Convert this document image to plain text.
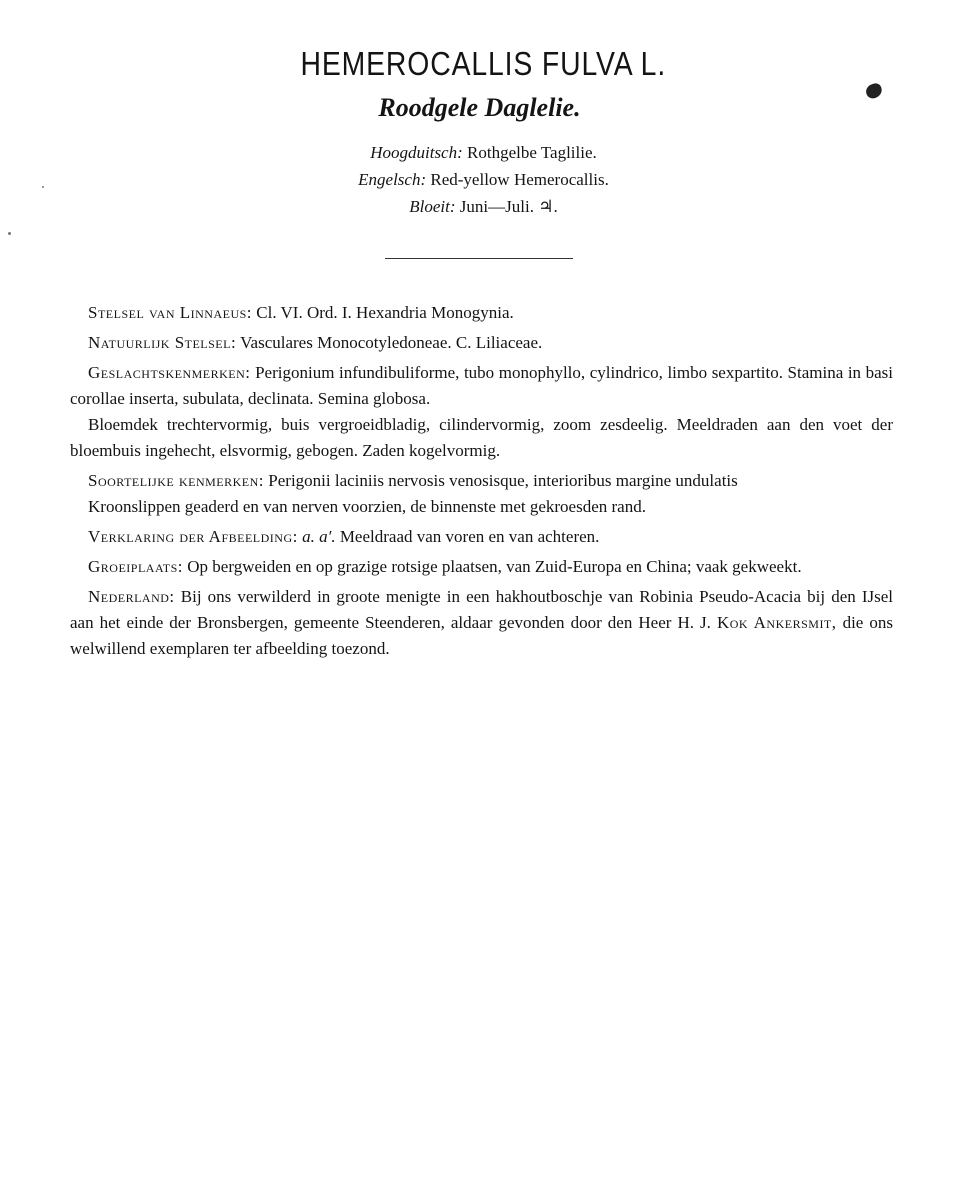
HEMEROCALLIS FULVA L.
Roodgele Daglelie.
Hoogduitsch: Rothgelbe Taglilie.
Engelsch: Red-yellow Hemerocallis.
Bloeit: Juni—Juli. ♃.

Stelsel van Linnaeus: Cl. VI. Ord. I. Hexandria Monogynia.

Natuurlijk Stelsel: Vasculares Monocotyledoneae. C. Liliaceae.

Geslachtskenmerken: Perigonium infundibuliforme, tubo monophyllo, cylindrico, limbo sexpartito. Stamina in basi corollae inserta, subulata, declinata. Semina globosa.

Bloemdek trechtervormig, buis vergroeidbladig, cilindervormig, zoom zesdeelig. Meeldraden aan den voet der bloembuis ingehecht, elsvormig, gebogen. Zaden kogelvormig.

Soortelijke kenmerken: Perigonii laciniis nervosis venosisque, interioribus margine undulatis

Kroonslippen geaderd en van nerven voorzien, de binnenste met gekroesden rand.

Verklaring der Afbeelding: a. a′. Meeldraad van voren en van achteren.

Groeiplaats: Op bergweiden en op grazige rotsige plaatsen, van Zuid-Europa en China; vaak gekweekt.

Nederland: Bij ons verwilderd in groote menigte in een hakhoutboschje van Robinia Pseudo-Acacia bij den IJsel aan het einde der Bronsbergen, gemeente Steenderen, aldaar gevonden door den Heer H. J. Kok Ankersmit, die ons welwillend exemplaren ter afbeelding toezond.
